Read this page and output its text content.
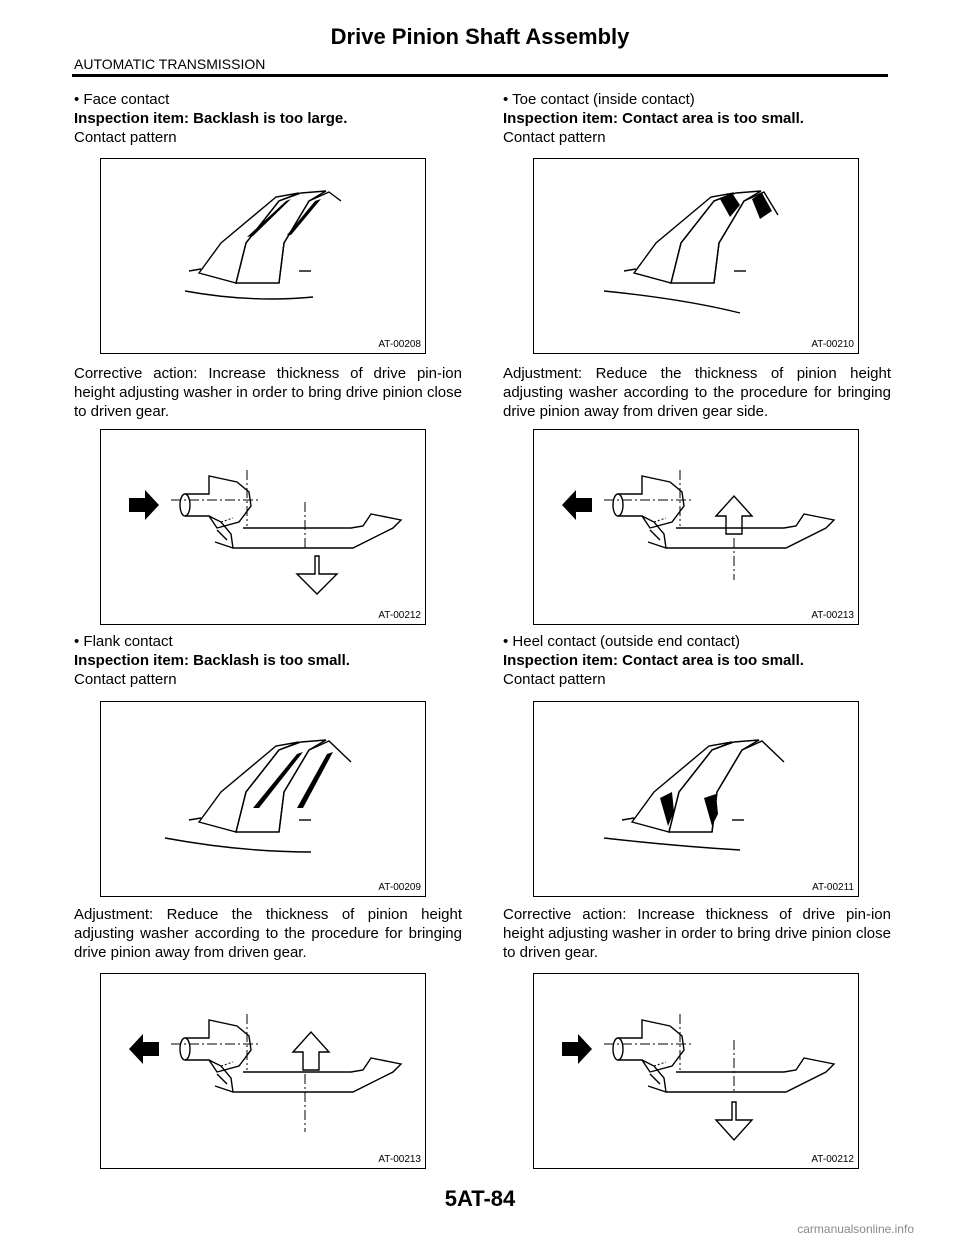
Drive Pinion Shaft Assembly
AUTOMATIC TRANSMISSION

• Face contact

Inspection item: Backlash is too large.

Contact pattern

AT-00208

Corrective action: Increase thickness of drive pin-ion height adjusting washer in order to bring drive pinion close to driven gear.

AT-00212

• Flank contact

Inspection item: Backlash is too small.

Contact pattern

AT-00209

Adjustment: Reduce the thickness of pinion height adjusting washer according to the procedure for bringing drive pinion away from driven gear.

AT-00213

• Toe contact (inside contact)

Inspection item: Contact area is too small.

Contact pattern

AT-00210

Adjustment: Reduce the thickness of pinion height adjusting washer according to the procedure for bringing drive pinion away from driven gear side.

AT-00213

• Heel contact (outside end contact)

Inspection item: Contact area is too small.

Contact pattern

AT-00211

Corrective action: Increase thickness of drive pin-ion height adjusting washer in order to bring drive pinion close to driven gear.

AT-00212
5AT-84
carmanualsonline.info
